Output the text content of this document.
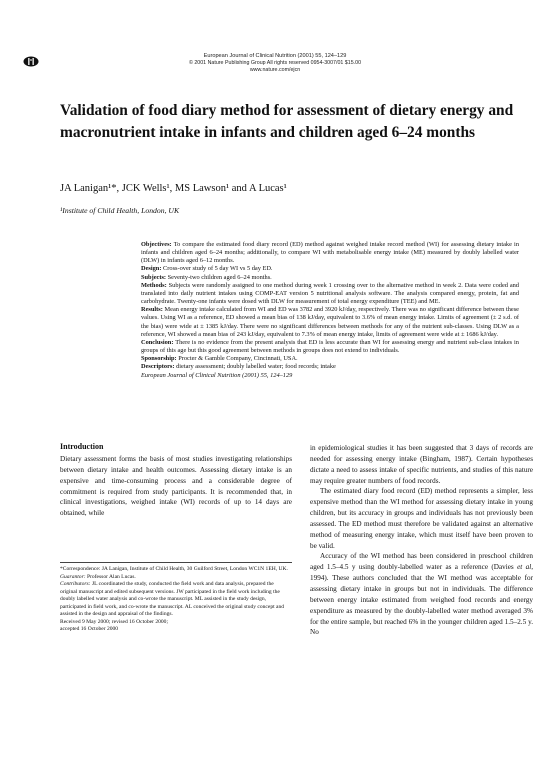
European Journal of Clinical Nutrition (2001) 55, 124–129
© 2001 Nature Publishing Group All rights reserved 0954-3007/01 $15.00
www.nature.com/ejcn
Validation of food diary method for assessment of dietary energy and macronutrient intake in infants and children aged 6–24 months
JA Lanigan¹*, JCK Wells¹, MS Lawson¹ and A Lucas¹
¹Institute of Child Health, London, UK

Objectives: To compare the estimated food diary record (ED) method against weighed intake record method (WI) for assessing dietary intake in infants and children aged 6–24 months; additionally, to compare WI with metabolisable energy intake (ME) measured by doubly labelled water (DLW) in infants aged 6–12 months.

Design: Cross-over study of 5 day WI vs 5 day ED.

Subjects: Seventy-two children aged 6–24 months.

Methods: Subjects were randomly assigned to one method during week 1 crossing over to the alternative method in week 2. Data were coded and translated into daily nutrient intakes using COMP-EAT version 5 nutritional analysis software. The analysis compared energy, protein, fat and carbohydrate. Twenty-one infants were dosed with DLW for measurement of total energy expenditure (TEE) and ME.

Results: Mean energy intake calculated from WI and ED was 3782 and 3920 kJ/day, respectively. There was no significant difference between these values. Using WI as a reference, ED showed a mean bias of 138 kJ/day, equivalent to 3.6% of mean energy intake. Limits of agreement (± 2 s.d. of the bias) were wide at ± 1385 kJ/day. There were no significant differences between methods for any of the nutrient sub-classes. Using DLW as a reference, WI showed a mean bias of 243 kJ/day, equivalent to 7.3% of mean energy intake, limits of agreement were wide at ± 1686 kJ/day.

Conclusion: There is no evidence from the present analysis that ED is less accurate than WI for assessing energy and nutrient sub-class intakes in groups of this age but this good agreement between methods in groups does not extend to individuals.

Sponsorship: Procter & Gamble Company, Cincinnati, USA.

Descriptors: dietary assessment; doubly labelled water; food records; intake

European Journal of Clinical Nutrition (2001) 55, 124–129

Introduction

Dietary assessment forms the basis of most studies investigating relationships between dietary intake and health outcomes. Assessing dietary intake is an expensive and time-consuming process and a considerable degree of commitment is required from study participants. It is recommended that, in clinical investigations, weighed intake (WI) records of up to 14 days are obtained, while

*Correspondence: JA Lanigan, Institute of Child Health, 30 Guilford Street, London WC1N 1EH, UK.

Guarantor: Professor Alan Lucas.

Contributors: JL coordinated the study, conducted the field work and data analysis, prepared the original manuscript and edited subsequent versions. JW participated in the field work including the doubly labelled water analysis and co-wrote the manuscript. ML assisted in the study design, participated in field work, and co-wrote the manuscript. AL conceived the original study concept and assisted in the design and appraisal of the findings.

Received 9 May 2000; revised 16 October 2000;

accepted 16 October 2000

in epidemiological studies it has been suggested that 3 days of records are needed for assessing energy intake (Bingham, 1987). Certain hypotheses dictate a need to assess intake of specific nutrients, and studies of this nature may require greater numbers of food records.

The estimated diary food record (ED) method represents a simpler, less expensive method than the WI method for assessing dietary intake in young children, but its accuracy in groups and individuals has not previously been assessed. The ED method must therefore be validated against an alternative method of measuring energy intake, which must itself have been proven to be valid.

Accuracy of the WI method has been considered in preschool children aged 1.5–4.5 y using doubly-labelled water as a reference (Davies et al, 1994). These authors concluded that the WI method was acceptable for assessing dietary intake in groups but not in individuals. The difference between energy intake estimated from weighed food records and energy expenditure as measured by the doubly-labelled water method averaged 3% for the entire sample, but reached 6% in the younger children aged 1.5–2.5 y. No
